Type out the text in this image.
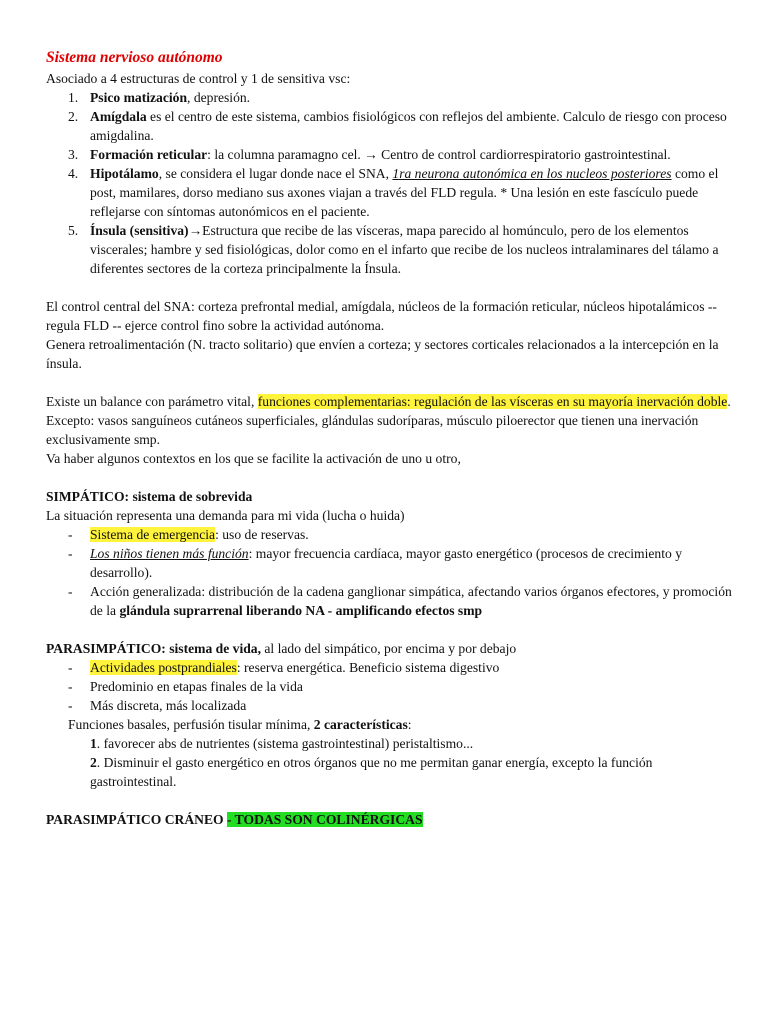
Sistema nervioso autónomo

Asociado a 4 estructuras de control y 1 de sensitiva vsc:

1. Psico matización, depresión.
2. Amígdala es el centro de este sistema, cambios fisiológicos con reflejos del ambiente. Calculo de riesgo con proceso amigdalina.
3. Formación reticular: la columna paramagno cel. → Centro de control cardiorrespiratorio gastrointestinal.
4. Hipotálamo, se considera el lugar donde nace el SNA, 1ra neurona autonómica en los nucleos posteriores como el post, mamilares, dorso mediano sus axones viajan a través del FLD regula. * Una lesión en este fascículo puede reflejarse con síntomas autonómicos en el paciente.
5. Ínsula (sensitiva)→Estructura que recibe de las vísceras, mapa parecido al homúnculo, pero de los elementos viscerales; hambre y sed fisiológicas, dolor como en el infarto que recibe de los nucleos intralaminares del tálamo a diferentes sectores de la corteza principalmente la Ínsula.

El control central del SNA: corteza prefrontal medial, amígdala, núcleos de la formación reticular, núcleos hipotalámicos -- regula FLD -- ejerce control fino sobre la actividad autónoma.

Genera retroalimentación (N. tracto solitario) que envíen a corteza; y sectores corticales relacionados a la intercepción en la ínsula.

Existe un balance con parámetro vital, funciones complementarias: regulación de las vísceras en su mayoría inervación doble. Excepto: vasos sanguíneos cutáneos superficiales, glándulas sudoríparas, músculo piloerector que tienen una inervación exclusivamente smp.

Va haber algunos contextos en los que se facilite la activación de uno u otro,

SIMPÁTICO: sistema de sobrevida

La situación representa una demanda para mi vida (lucha o huida)

- Sistema de emergencia: uso de reservas.
- Los niños tienen más función: mayor frecuencia cardíaca, mayor gasto energético (procesos de crecimiento y desarrollo).
- Acción generalizada: distribución de la cadena ganglionar simpática, afectando varios órganos efectores, y promoción de la glándula suprarrenal liberando NA - amplificando efectos smp

PARASIMPÁTICO: sistema de vida, al lado del simpático, por encima y por debajo

- Actividades postprandiales: reserva energética. Beneficio sistema digestivo
- Predominio en etapas finales de la vida
- Más discreta, más localizada

Funciones basales, perfusión tisular mínima, 2 características:

1. favorecer abs de nutrientes (sistema gastrointestinal) peristaltismo...

2. Disminuir el gasto energético en otros órganos que no me permitan ganar energía, excepto la función gastrointestinal.

PARASIMPÁTICO CRÁNEO - TODAS SON COLINÉRGICAS
